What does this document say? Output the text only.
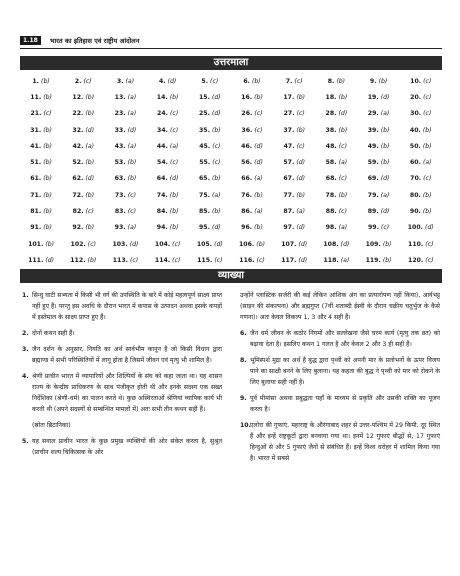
1.18	भारत का इतिहास एवं राष्ट्रीय आंदोलन
उत्तरमाला
1. (b)	2. (c)	3. (a)	4. (d)	5. (c)	6. (b)	7. (c)	8. (b)	9. (b)	10. (c)
11. (b)	12. (b)	13. (a)	14. (b)	15. (d)	16. (b)	17. (b)	18. (b)	19. (d)	20. (c)
21. (c)	22. (b)	23. (a)	24. (c)	25. (d)	26. (c)	27. (c)	28. (d)	29. (a)	30. (c)
31. (b)	32. (d)	33. (d)	34. (c)	35. (b)	36. (c)	37. (b)	38. (b)	39. (b)	40. (b)
41. (b)	42. (a)	43. (a)	44. (a)	45. (c)	46. (d)	47. (c)	48. (c)	49. (b)	50. (b)
51. (b)	52. (b)	53. (b)	54. (c)	55. (c)	56. (d)	57. (d)	58. (a)	59. (b)	60. (a)
61. (b)	62. (d)	63. (b)	64. (d)	65. (b)	66. (a)	67. (d)	68. (c)	69. (d)	70. (c)
71. (b)	72. (b)	73. (c)	74. (b)	75. (a)	76. (b)	77. (b)	78. (b)	79. (a)	80. (b)
81. (b)	82. (c)	83. (c)	84. (b)	85. (b)	86. (a)	87. (a)	88. (c)	89. (d)	90. (b)
91. (b)	92. (b)	93. (a)	94. (b)	95. (d)	96. (b)	97. (d)	98. (a)	99. (c)	100. (d)
101. (b)	102. (c)	103. (d)	104. (c)	105. (d)	106. (b)	107. (d)	108. (d)	109. (b)	110. (c)
111. (d)	112. (b)	113. (c)	114. (c)	115. (c)	116. (c)	117. (d)	118. (a)	119. (b)	120. (c)
व्याख्या
1. सिन्धु घाटी सभ्यता में किसी भी वर्ग की उपस्थिति के बारे में कोई महत्वपूर्ण साक्ष्य प्राप्त नहीं हुए हैं। परन्तु इस अवधि के दौरान भारत में कपास के उत्पादन अथवा इसके कपड़ों में इस्तेमाल के साक्ष्य प्राप्त हुए हैं।
2. दोनों कथन सही हैं।
3. जैन दर्शन के अनुसार, नियति का अर्थ सार्वभौम कानून है जो किसी विधान द्वारा ब्रह्माण्ड में सभी परिस्थितियों में लागू होता है जिसमें जीवन एवं मृत्यु भी शामिल है।
4. श्रेणी प्राचीन भारत में व्यापारियों और शिल्पियों के संघ को कहा जाता था। यह शासन राज्य के केन्द्रीय प्राधिकरण के साथ पंजीकृत होती थी और इनके सदस्य एक सख्त निर्देशिका (श्रेणी-धर्म) का पालन करते थे। कुछ अस्थिरताओं श्रेणियां व्यापिक कार्य भी करती थी (अपने सदस्यों से सम्बन्धित मामलों में) अतः सभी तीन कथन सही हैं।
(स्रोतः ब्रिटानिका)
5. यह सवाल प्राचीन भारत के कुछ प्रमुख व्यक्तियों की ओर संकेत करता है, सुश्रुत (प्राचीन शल्य चिकित्सक के ओर
उन्होंने प्लास्टिक सर्जरी की कई लेकिन आंशिक अंग का प्रत्यारोपण नहीं किया), आर्यभट्ट (साइन की संकल्पना) और ब्रह्मगुप्त (7वीं शताब्दी ईस्वी के दौरान चक्रीय चतुर्भुज के कैसे गणना)। अतः केवल विकल्प 1, 3 और 4 सही हैं।
6. जैन धर्म जीवन के कठोर नियमों और सल्लेखना जैसे चरम कार्य (मृत्यु तक व्रत) को बढ़ावा देता है। इसलिए कथन 1 गलत है और केवल 2 और 3 ही सही हैं।
8. भूमिस्पर्श मुद्रा का अर्थ है बुद्ध द्वारा पृथ्वी को अपनी मार के प्रलोभनों के ऊपर विजय पाने का साक्षी बनने के लिए बुलाना। यह कहता की बुद्ध ने पृथ्वी को मार को रोकने के लिए बुलाया सही नहीं है।
9. पूर्व मीमांसा अथवा प्रबुद्धता यहाँ के माध्यम से प्रकृति और उसकी शक्ति का पूजन करता है।
10. एलोरा की गुफाएं, महाराष्ट्र के औरंगाबाद शहर से उत्तर-पश्चिम में 29 किमी. दूर स्थित हैं और इन्हें राष्ट्रकूटों द्वारा बनवाया गया था। इनमें 12 गुफाएं बौद्धों से, 17 गुफाएं हिन्दुओं से और 5 गुफाएं जैनों से संबंधित हैं। इन्हें विश्व धरोहर में शामिल किया गया है। भारत में सबसे
